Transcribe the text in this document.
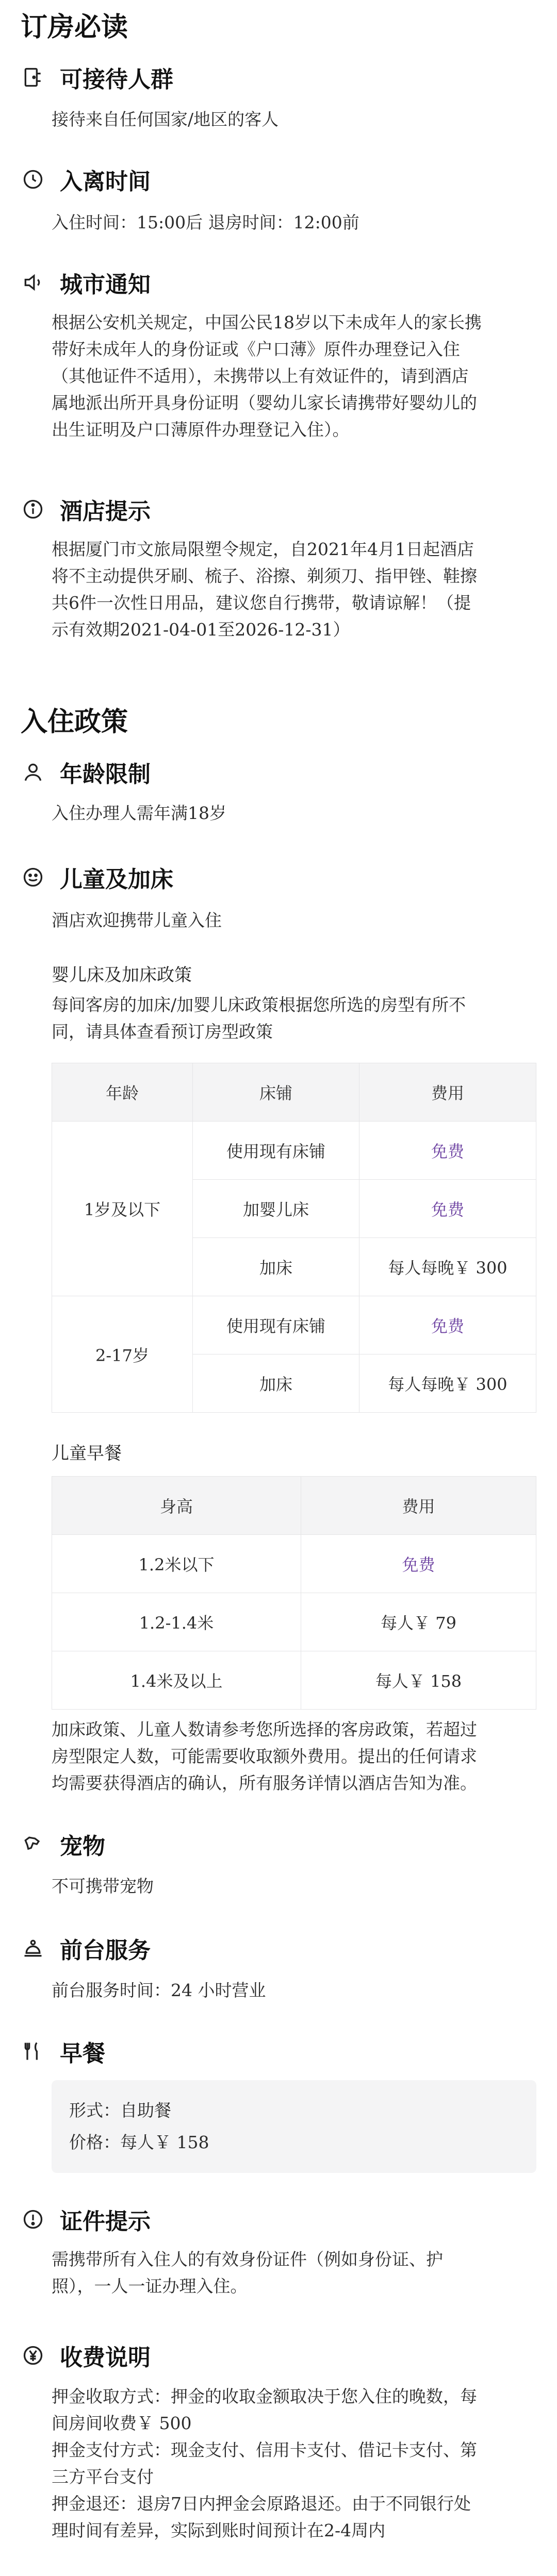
订房必读
可接待人群
接待来自任何国家/地区的客人
入离时间
入住时间：15:00后 退房时间：12:00前
城市通知
根据公安机关规定，中国公民18岁以下未成年人的家长携
带好未成年人的身份证或《户口薄》原件办理登记入住
（其他证件不适用），未携带以上有效证件的，请到酒店
属地派出所开具身份证明（婴幼儿家长请携带好婴幼儿的
出生证明及户口薄原件办理登记入住）。
酒店提示
根据厦门市文旅局限塑令规定，自2021年4月1日起酒店
将不主动提供牙刷、梳子、浴擦、剃须刀、指甲锉、鞋擦
共6件一次性日用品，建议您自行携带，敬请谅解！（提
示有效期2021-04-01至2026-12-31）
入住政策
年龄限制
入住办理人需年满18岁
儿童及加床
酒店欢迎携带儿童入住
婴儿床及加床政策
每间客房的加床/加婴儿床政策根据您所选的房型有所不
同，请具体查看预订房型政策
年龄	床铺	费用
1岁及以下	使用现有床铺	免费
	加婴儿床	免费
	加床	每人每晚￥ 300
2-17岁	使用现有床铺	免费
	加床	每人每晚￥ 300
儿童早餐
身高	费用
1.2米以下	免费
1.2-1.4米	每人￥ 79
1.4米及以上	每人￥ 158
加床政策、儿童人数请参考您所选择的客房政策，若超过
房型限定人数，可能需要收取额外费用。提出的任何请求
均需要获得酒店的确认，所有服务详情以酒店告知为准。
宠物
不可携带宠物
前台服务
前台服务时间：24 小时营业
早餐
形式：自助餐
价格：每人￥ 158
证件提示
需携带所有入住人的有效身份证件（例如身份证、护
照），一人一证办理入住。
收费说明
押金收取方式：押金的收取金额取决于您入住的晚数，每
间房间收费￥ 500
押金支付方式：现金支付、信用卡支付、借记卡支付、第
三方平台支付
押金退还：退房7日内押金会原路退还。由于不同银行处
理时间有差异，实际到账时间预计在2-4周内
